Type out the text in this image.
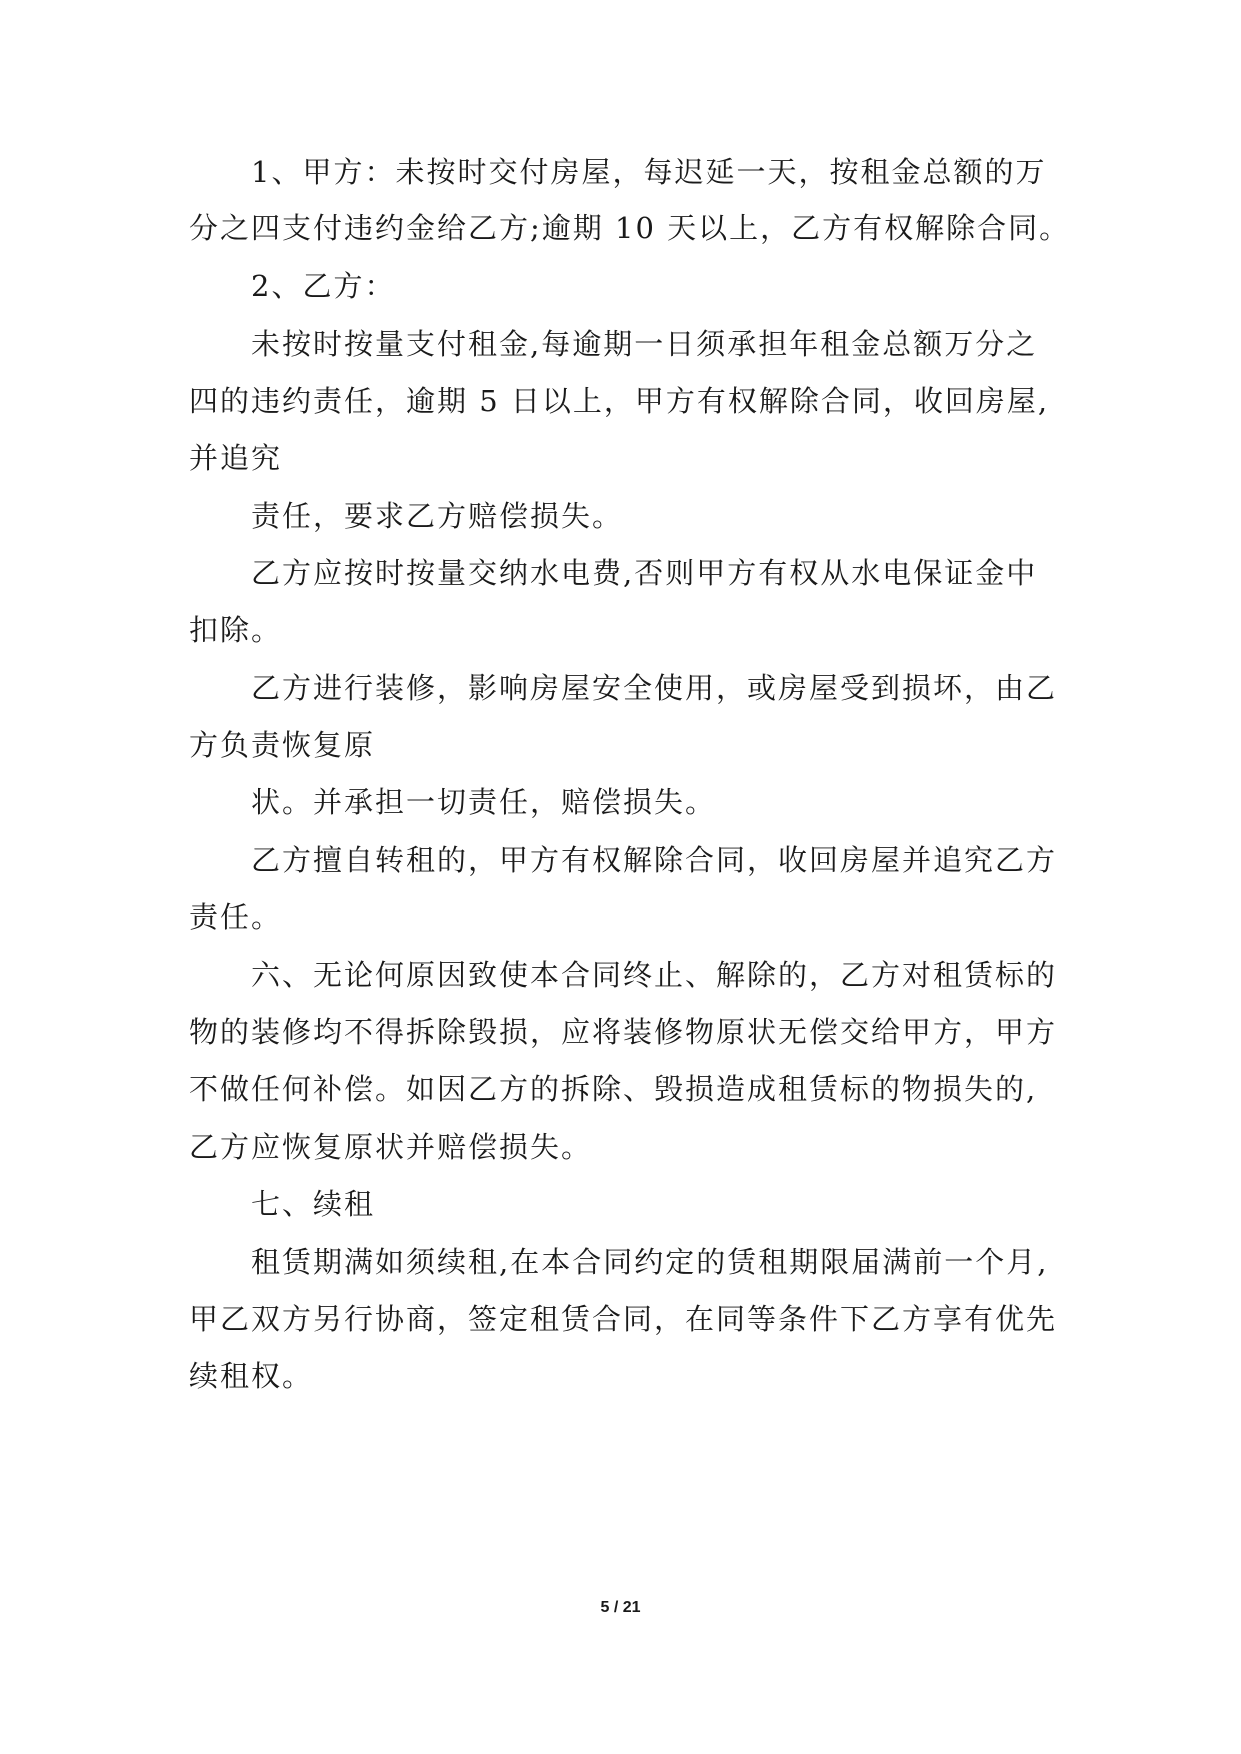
1、甲方：未按时交付房屋，每迟延一天，按租金总额的万
分之四支付违约金给乙方;逾期 10 天以上，乙方有权解除合同。
2、乙方：
未按时按量支付租金,每逾期一日须承担年租金总额万分之
四的违约责任，逾期 5 日以上，甲方有权解除合同，收回房屋,
并追究
责任，要求乙方赔偿损失。
乙方应按时按量交纳水电费,否则甲方有权从水电保证金中
扣除。
乙方进行装修，影响房屋安全使用，或房屋受到损坏，由乙
方负责恢复原
状。并承担一切责任，赔偿损失。
乙方擅自转租的，甲方有权解除合同，收回房屋并追究乙方
责任。
六、无论何原因致使本合同终止、解除的，乙方对租赁标的
物的装修均不得拆除毁损，应将装修物原状无偿交给甲方，甲方
不做任何补偿。如因乙方的拆除、毁损造成租赁标的物损失的,
乙方应恢复原状并赔偿损失。
七、续租
租赁期满如须续租,在本合同约定的赁租期限届满前一个月,
甲乙双方另行协商，签定租赁合同，在同等条件下乙方享有优先
续租权。
5 / 21
